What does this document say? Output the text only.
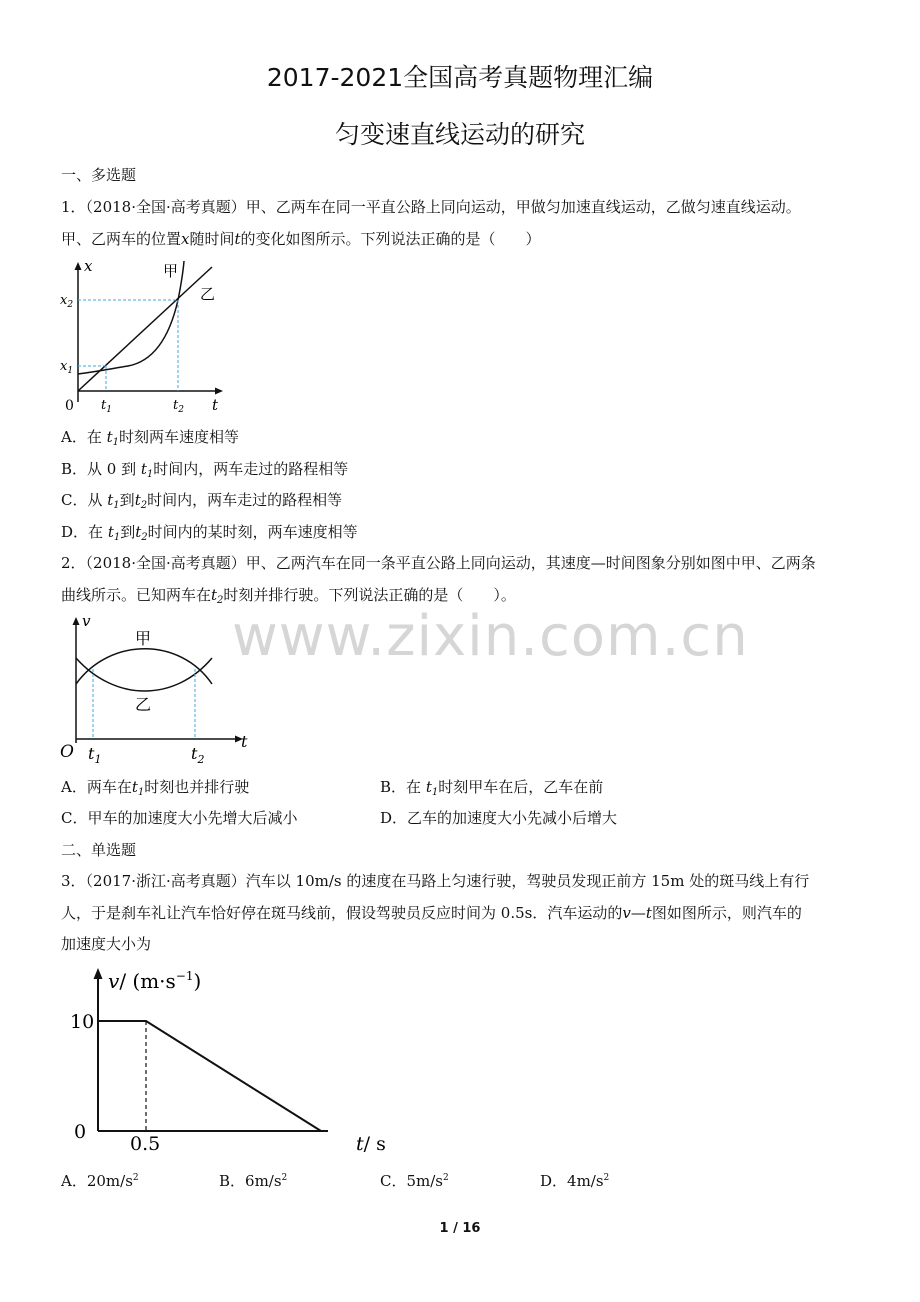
2017-2021全国高考真题物理汇编
匀变速直线运动的研究
一、多选题
1．（2018·全国·高考真题）甲、乙两车在同一平直公路上同向运动，甲做匀加速直线运动，乙做匀速直线运动。
甲、乙两车的位置x随时间t的变化如图所示。下列说法正确的是（　　）
x
t
0
$x_1$
$x_2$
$t_1$	$t_2$
甲
乙
A．在 $t_1$时刻两车速度相等
B．从 0 到 $t_1$时间内，两车走过的路程相等
C．从 $t_1$到$t_2$时间内，两车走过的路程相等
D．在 $t_1$到$t_2$时间内的某时刻，两车速度相等
2．（2018·全国·高考真题）甲、乙两汽车在同一条平直公路上同向运动，其速度—时间图象分别如图中甲、乙两条
曲线所示。已知两车在$t_2$时刻并排行驶。下列说法正确的是（　　）。
www.zixin.com.cn
v
t
O $t_1$	$t_2$
甲
乙
A．两车在$t_1$时刻也并排行驶	B．在 $t_1$时刻甲车在后，乙车在前
C．甲车的加速度大小先增大后减小	D．乙车的加速度大小先减小后增大
二、单选题
3．（2017·浙江·高考真题）汽车以 10m/s 的速度在马路上匀速行驶，驾驶员发现正前方 15m 处的斑马线上有行
人，于是刹车礼让汽车恰好停在斑马线前，假设驾驶员反应时间为 0.5s．汽车运动的v—t图如图所示，则汽车的
加速度大小为
v/ $(m\cdot s^{-1})$
10
0
0.5	t/ s
A．$20m/s^2$	B．$6m/s^2$	C．$5m/s^2$	D．$4m/s^2$
1 / 16
